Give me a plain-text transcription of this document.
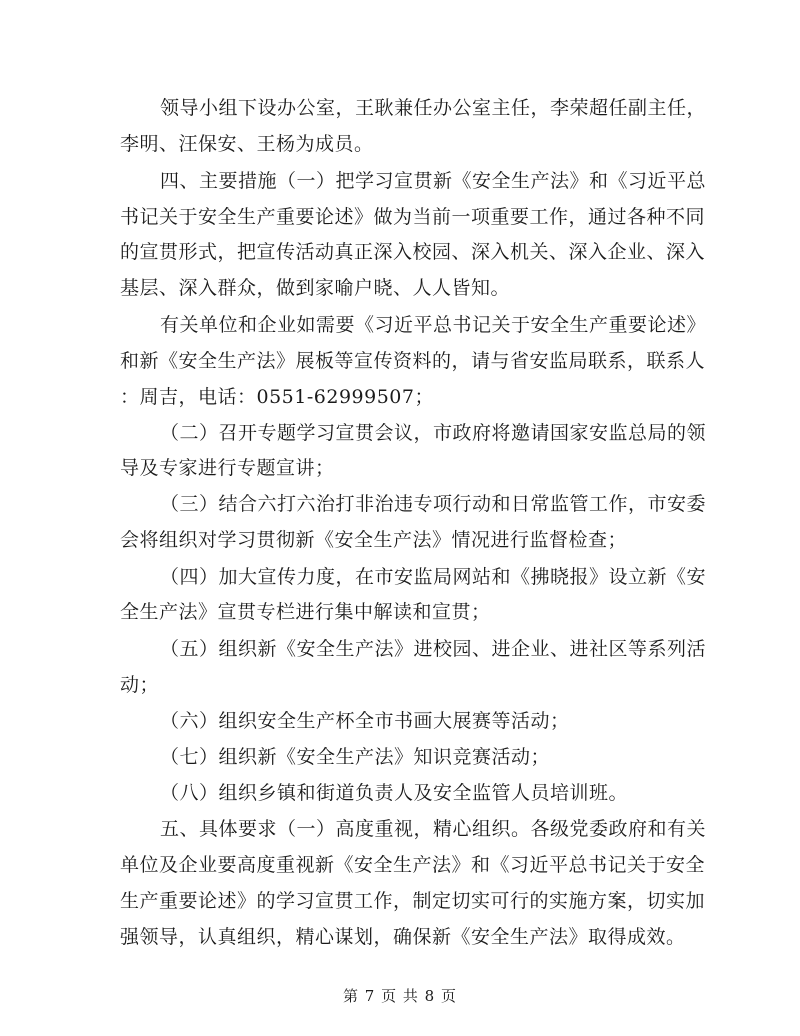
领导小组下设办公室，王耿兼任办公室主任，李荣超任副主任，
李明、汪保安、王杨为成员。
四、主要措施（一）把学习宣贯新《安全生产法》和《习近平总
书记关于安全生产重要论述》做为当前一项重要工作，通过各种不同
的宣贯形式，把宣传活动真正深入校园、深入机关、深入企业、深入
基层、深入群众，做到家喻户晓、人人皆知。
有关单位和企业如需要《习近平总书记关于安全生产重要论述》
和新《安全生产法》展板等宣传资料的，请与省安监局联系，联系人
：周吉，电话：0551-62999507；
（二）召开专题学习宣贯会议，市政府将邀请国家安监总局的领
导及专家进行专题宣讲；
（三）结合六打六治打非治违专项行动和日常监管工作，市安委
会将组织对学习贯彻新《安全生产法》情况进行监督检查；
（四）加大宣传力度，在市安监局网站和《拂晓报》设立新《安
全生产法》宣贯专栏进行集中解读和宣贯；
（五）组织新《安全生产法》进校园、进企业、进社区等系列活
动；
（六）组织安全生产杯全市书画大展赛等活动；
（七）组织新《安全生产法》知识竞赛活动；
（八）组织乡镇和街道负责人及安全监管人员培训班。
五、具体要求（一）高度重视，精心组织。各级党委政府和有关
单位及企业要高度重视新《安全生产法》和《习近平总书记关于安全
生产重要论述》的学习宣贯工作，制定切实可行的实施方案，切实加
强领导，认真组织，精心谋划，确保新《安全生产法》取得成效。
第 7 页 共 8 页
